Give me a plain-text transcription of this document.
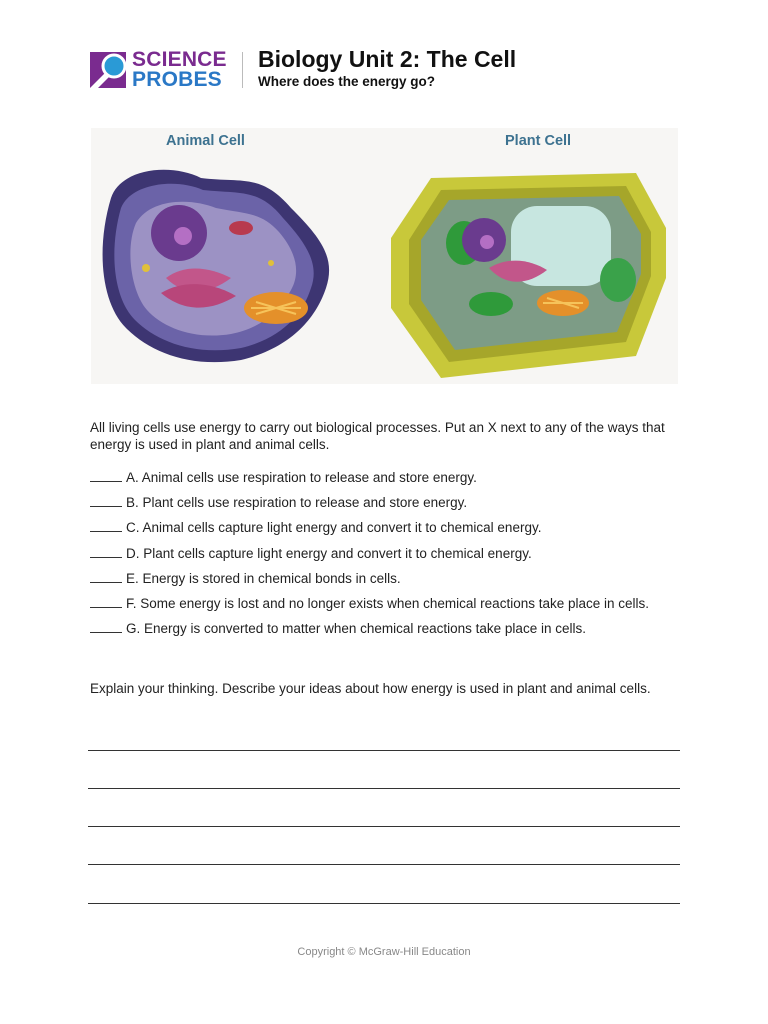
SCIENCE
PROBES
Biology Unit 2: The Cell
Where does the energy go?
Animal Cell	Plant Cell
All living cells use energy to carry out biological processes. Put an X next to any of the ways that energy is used in plant and animal cells.
A. Animal cells use respiration to release and store energy.
B. Plant cells use respiration to release and store energy.
C. Animal cells capture light energy and convert it to chemical energy.
D. Plant cells capture light energy and convert it to chemical energy.
E. Energy is stored in chemical bonds in cells.
F. Some energy is lost and no longer exists when chemical reactions take place in cells.
G. Energy is converted to matter when chemical reactions take place in cells.
Explain your thinking. Describe your ideas about how energy is used in plant and animal cells.
Copyright © McGraw-Hill Education
